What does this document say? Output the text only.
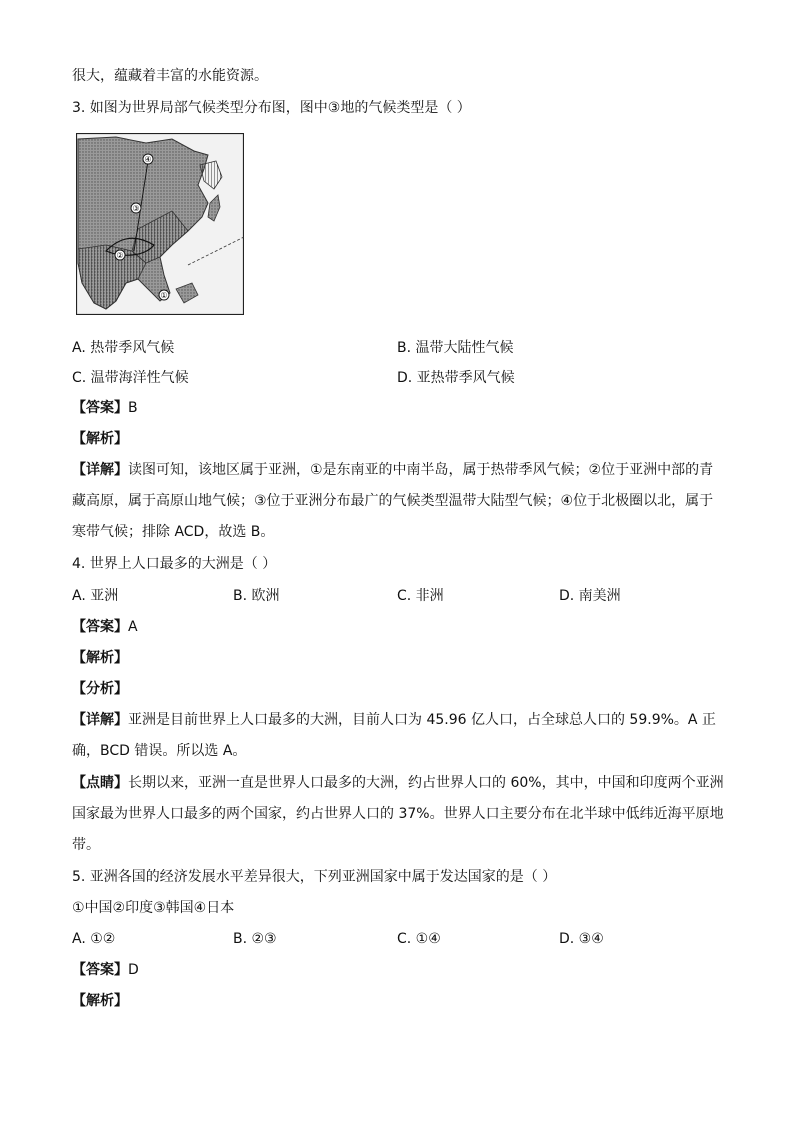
很大，蕴藏着丰富的水能资源。
3. 如图为世界局部气候类型分布图，图中③地的气候类型是（ ）
④
③
②
①
A. 热带季风气候	B. 温带大陆性气候
C. 温带海洋性气候	D. 亚热带季风气候
【答案】B
【解析】
【详解】读图可知，该地区属于亚洲，①是东南亚的中南半岛，属于热带季风气候；②位于亚洲中部的青
藏高原，属于高原山地气候；③位于亚洲分布最广的气候类型温带大陆型气候；④位于北极圈以北，属于
寒带气候；排除 ACD，故选 B。
4. 世界上人口最多的大洲是（ ）
A. 亚洲	B. 欧洲	C. 非洲	D. 南美洲
【答案】A
【解析】
【分析】
【详解】亚洲是目前世界上人口最多的大洲，目前人口为 45.96 亿人口，占全球总人口的 59.9%。A 正
确，BCD 错误。所以选 A。
【点睛】长期以来，亚洲一直是世界人口最多的大洲，约占世界人口的 60%，其中，中国和印度两个亚洲
国家最为世界人口最多的两个国家，约占世界人口的 37%。世界人口主要分布在北半球中低纬近海平原地
带。
5. 亚洲各国的经济发展水平差异很大，下列亚洲国家中属于发达国家的是（ ）
①中国②印度③韩国④日本
A. ①②	B. ②③	C. ①④	D. ③④
【答案】D
【解析】
